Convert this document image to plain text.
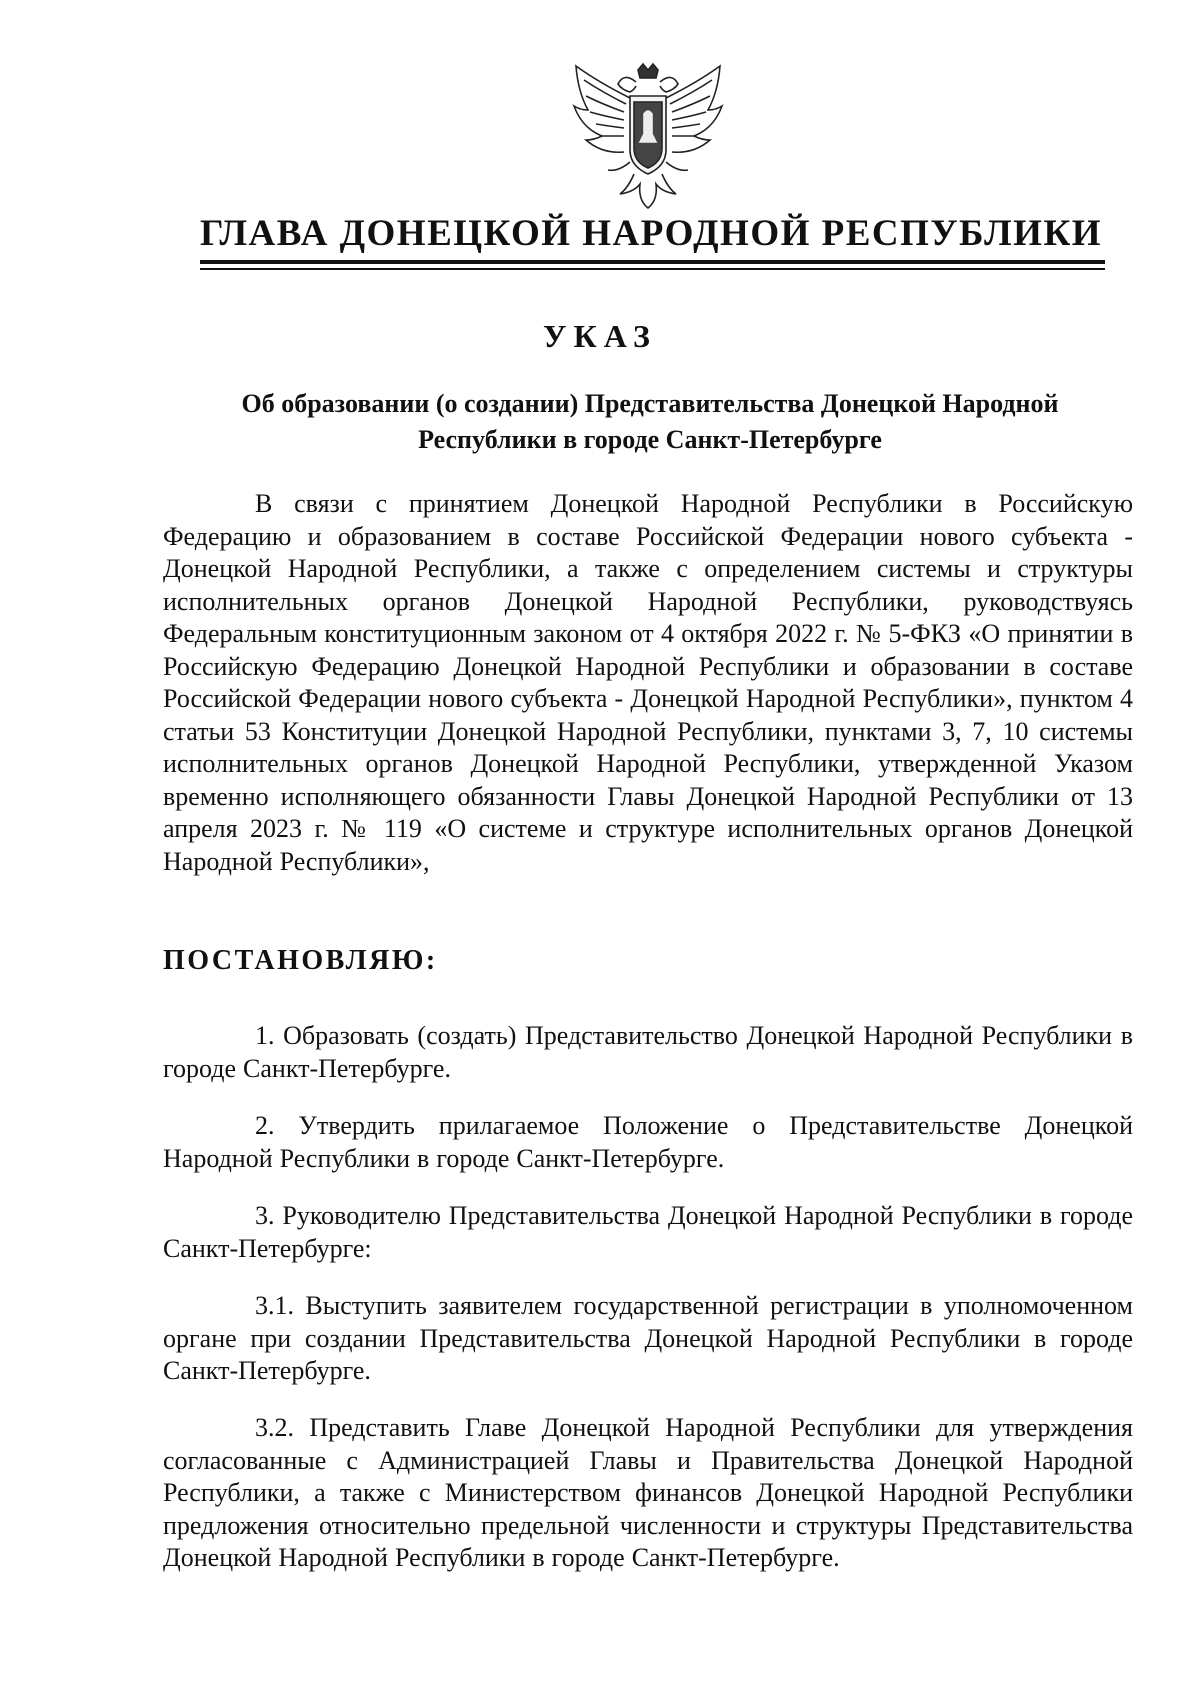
ГЛАВА ДОНЕЦКОЙ НАРОДНОЙ РЕСПУБЛИКИ
УКАЗ
Об образовании (о создании) Представительства Донецкой Народной Республики в городе Санкт-Петербурге

В связи с принятием Донецкой Народной Республики в Российскую Федерацию и образованием в составе Российской Федерации нового субъекта - Донецкой Народной Республики, а также с определением системы и структуры исполнительных органов Донецкой Народной Республики, руководствуясь Федеральным конституционным законом от 4 октября 2022 г. № 5-ФКЗ «О принятии в Российскую Федерацию Донецкой Народной Республики и образовании в составе Российской Федерации нового субъекта - Донецкой Народной Республики», пунктом 4 статьи 53 Конституции Донецкой Народной Республики, пунктами 3, 7, 10 системы исполнительных органов Донецкой Народной Республики, утвержденной Указом временно исполняющего обязанности Главы Донецкой Народной Республики от 13 апреля 2023 г. № 119 «О системе и структуре исполнительных органов Донецкой Народной Республики»,

ПОСТАНОВЛЯЮ:

1. Образовать (создать) Представительство Донецкой Народной Республики в городе Санкт-Петербурге.

2. Утвердить прилагаемое Положение о Представительстве Донецкой Народной Республики в городе Санкт-Петербурге.

3. Руководителю Представительства Донецкой Народной Республики в городе Санкт-Петербурге:

3.1. Выступить заявителем государственной регистрации в уполномоченном органе при создании Представительства Донецкой Народной Республики в городе Санкт-Петербурге.

3.2. Представить Главе Донецкой Народной Республики для утверждения согласованные с Администрацией Главы и Правительства Донецкой Народной Республики, а также с Министерством финансов Донецкой Народной Республики предложения относительно предельной численности и структуры Представительства Донецкой Народной Республики в городе Санкт-Петербурге.
